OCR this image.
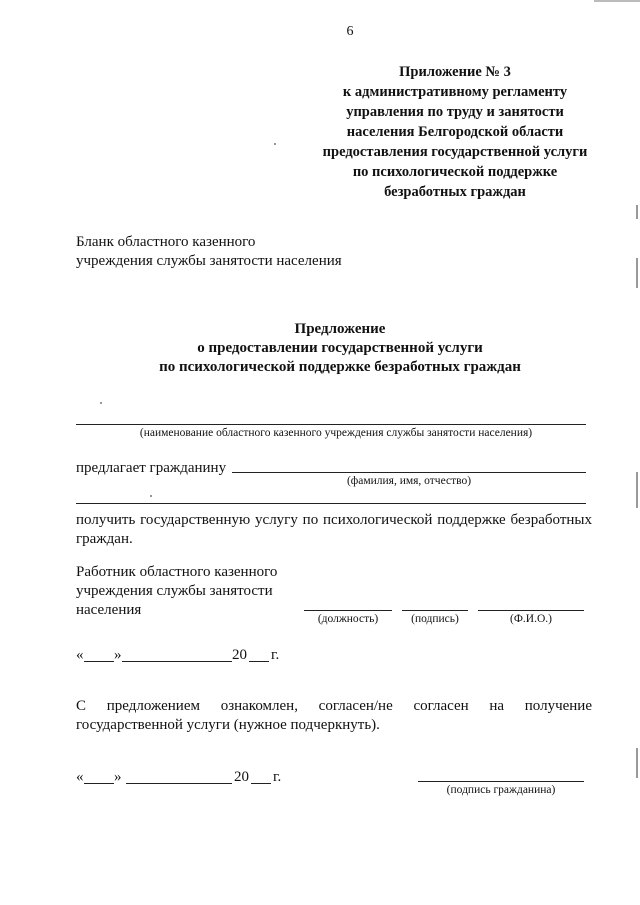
6
Приложение № 3
к административному регламенту
управления по труду и занятости
населения Белгородской области
предоставления государственной услуги
по психологической поддержке
безработных граждан
Бланк областного казенного
учреждения службы занятости населения
Предложение
о предоставлении государственной услуги
по психологической поддержке безработных граждан
(наименование областного казенного учреждения службы занятости населения)
предлагает гражданину
(фамилия, имя, отчество)
получить государственную услугу по психологической поддержке безработных
граждан.
Работник областного казенного
учреждения службы занятости
населения
(должность)	(подпись)	(Ф.И.О.)
« »	20 г.
С предложением ознакомлен, согласен/не согласен на получение
государственной услуги (нужное подчеркнуть).
« »	20 г.
(подпись гражданина)
